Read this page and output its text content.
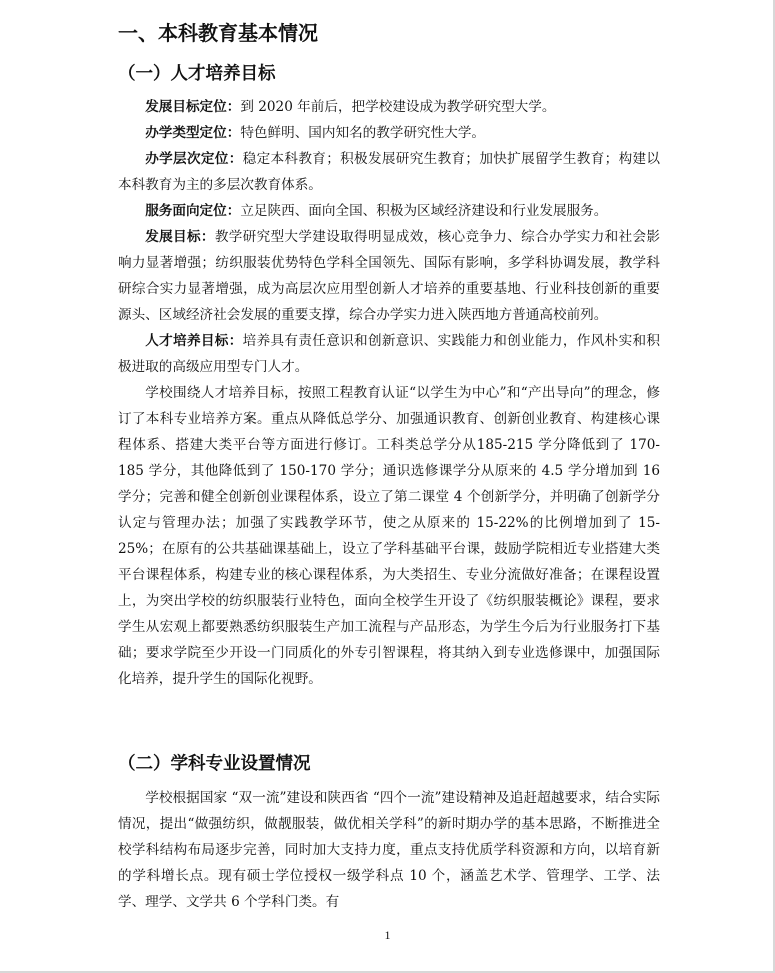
一、本科教育基本情况
（一）人才培养目标

发展目标定位：到 2020 年前后，把学校建设成为教学研究型大学。

办学类型定位：特色鲜明、国内知名的教学研究性大学。

办学层次定位：稳定本科教育；积极发展研究生教育；加快扩展留学生教育；构建以本科教育为主的多层次教育体系。

服务面向定位：立足陕西、面向全国、积极为区域经济建设和行业发展服务。

发展目标：教学研究型大学建设取得明显成效，核心竞争力、综合办学实力和社会影响力显著增强；纺织服装优势特色学科全国领先、国际有影响，多学科协调发展，教学科研综合实力显著增强，成为高层次应用型创新人才培养的重要基地、行业科技创新的重要源头、区域经济社会发展的重要支撑，综合办学实力进入陕西地方普通高校前列。

人才培养目标：培养具有责任意识和创新意识、实践能力和创业能力，作风朴实和积极进取的高级应用型专门人才。

学校围绕人才培养目标，按照工程教育认证“以学生为中心”和“产出导向”的理念，修订了本科专业培养方案。重点从降低总学分、加强通识教育、创新创业教育、构建核心课程体系、搭建大类平台等方面进行修订。工科类总学分从185-215 学分降低到了 170-185 学分，其他降低到了 150-170 学分；通识选修课学分从原来的 4.5 学分增加到 16 学分；完善和健全创新创业课程体系，设立了第二课堂 4 个创新学分，并明确了创新学分认定与管理办法；加强了实践教学环节，使之从原来的 15-22%的比例增加到了 15-25%；在原有的公共基础课基础上，设立了学科基础平台课，鼓励学院相近专业搭建大类平台课程体系，构建专业的核心课程体系，为大类招生、专业分流做好准备；在课程设置上，为突出学校的纺织服装行业特色，面向全校学生开设了《纺织服装概论》课程，要求学生从宏观上都要熟悉纺织服装生产加工流程与产品形态，为学生今后为行业服务打下基础；要求学院至少开设一门同质化的外专引智课程，将其纳入到专业选修课中，加强国际化培养，提升学生的国际化视野。

（二）学科专业设置情况

学校根据国家 “双一流”建设和陕西省 “四个一流”建设精神及追赶超越要求，结合实际情况，提出“做强纺织，做靓服装，做优相关学科”的新时期办学的基本思路，不断推进全校学科结构布局逐步完善，同时加大支持力度，重点支持优质学科资源和方向，以培育新的学科增长点。现有硕士学位授权一级学科点 10 个，涵盖艺术学、管理学、工学、法学、理学、文学共 6 个学科门类。有

1
